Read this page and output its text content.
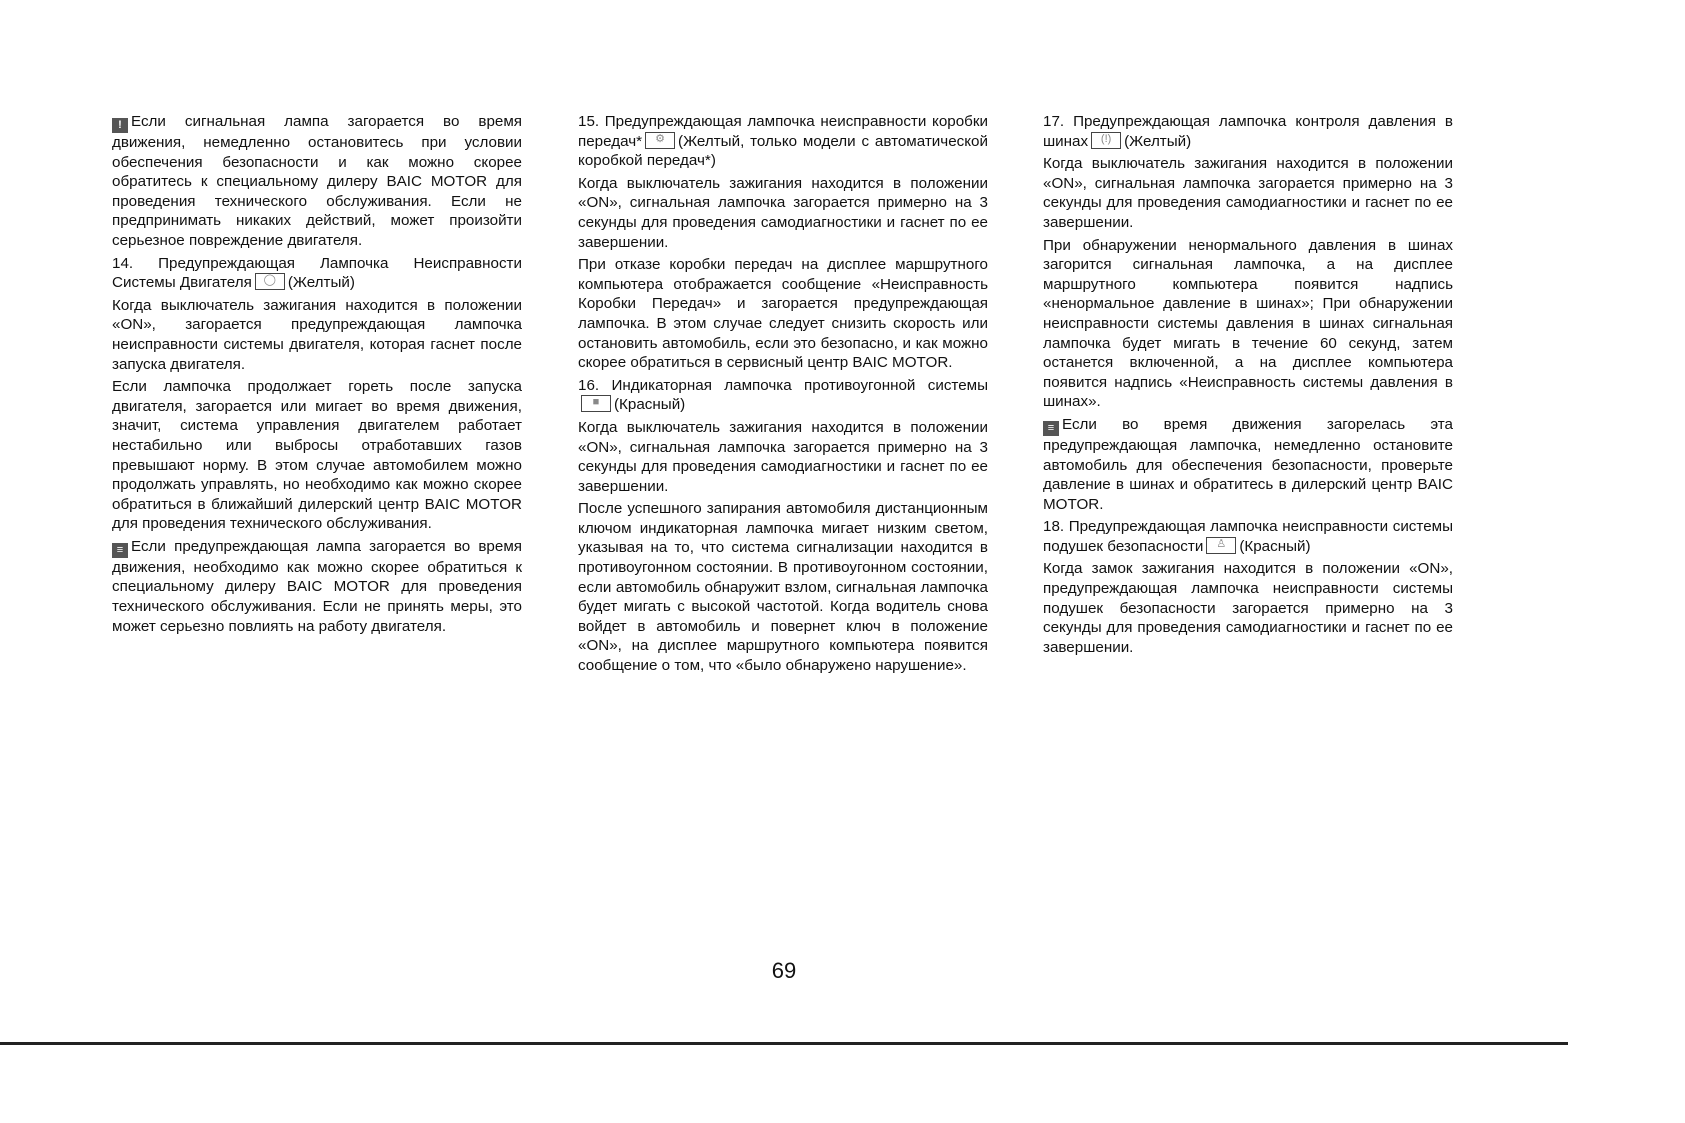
! Если сигнальная лампа загорается во время движения, немедленно остановитесь при условии обеспечения безопасности и как можно скорее обратитесь к специальному дилеру BAIC MOTOR для проведения технического обслуживания. Если не предпринимать никаких действий, может произойти серьезное повреждение двигателя.

14. Предупреждающая Лампочка Неисправности Системы Двигателя	◯ (Желтый)

Когда выключатель зажигания находится в положении «ON», загорается предупреждающая лампочка неисправности системы двигателя, которая гаснет после запуска двигателя.

Если лампочка продолжает гореть после запуска двигателя, загорается или мигает во время движения, значит, система управления двигателем работает нестабильно или выбросы отработавших газов превышают норму. В этом случае автомобилем можно продолжать управлять, но необходимо как можно скорее обратиться в ближайший дилерский центр BAIC MOTOR для проведения технического обслуживания.

≡ Если предупреждающая лампа загорается во время движения, необходимо как можно скорее обратиться к специальному дилеру BAIC MOTOR для проведения технического обслуживания. Если не принять меры, это может серьезно повлиять на работу двигателя.

15. Предупреждающая лампочка неисправности коробки передач*	⚙ (Желтый, только модели с автоматической коробкой передач*)

Когда выключатель зажигания находится в положении «ON», сигнальная лампочка загорается примерно на 3 секунды для проведения самодиагностики и гаснет по ее завершении.

При отказе коробки передач на дисплее маршрутного компьютера отображается сообщение «Неисправность Коробки Передач» и загорается предупреждающая лампочка. В этом случае следует снизить скорость или остановить автомобиль, если это безопасно, и как можно скорее обратиться в сервисный центр BAIC MOTOR.

16. Индикаторная лампочка противоугонной системы
■ (Красный)

Когда выключатель зажигания находится в положении «ON», сигнальная лампочка загорается примерно на 3 секунды для проведения самодиагностики и гаснет по ее завершении.

После успешного запирания автомобиля дистанционным ключом индикаторная лампочка мигает низким светом, указывая на то, что система сигнализации находится в противоугонном состоянии. В противоугонном состоянии, если автомобиль обнаружит взлом, сигнальная лампочка будет мигать с высокой частотой. Когда водитель снова войдет в автомобиль и повернет ключ в положение «ON», на дисплее маршрутного компьютера появится сообщение о том, что «было обнаружено нарушение».

17. Предупреждающая лампочка контроля давления в шинах	(!) (Желтый)

Когда выключатель зажигания находится в положении «ON», сигнальная лампочка загорается примерно на 3 секунды для проведения самодиагностики и гаснет по ее завершении.

При обнаружении ненормального давления в шинах загорится сигнальная лампочка, а на дисплее маршрутного компьютера появится надпись «ненормальное давление в шинах»; При обнаружении неисправности системы давления в шинах сигнальная лампочка будет мигать в течение 60 секунд, затем останется включенной, а на дисплее компьютера появится надпись «Неисправность системы давления в шинах».

≡ Если во время движения загорелась эта предупреждающая лампочка, немедленно остановите автомобиль для обеспечения безопасности, проверьте давление в шинах и обратитесь в дилерский центр BAIC MOTOR.

18. Предупреждающая лампочка неисправности системы подушек безопасности	♙ (Красный)

Когда замок зажигания находится в положении «ON», предупреждающая лампочка неисправности системы подушек безопасности загорается примерно на 3 секунды для проведения самодиагностики и гаснет по ее завершении.

69
